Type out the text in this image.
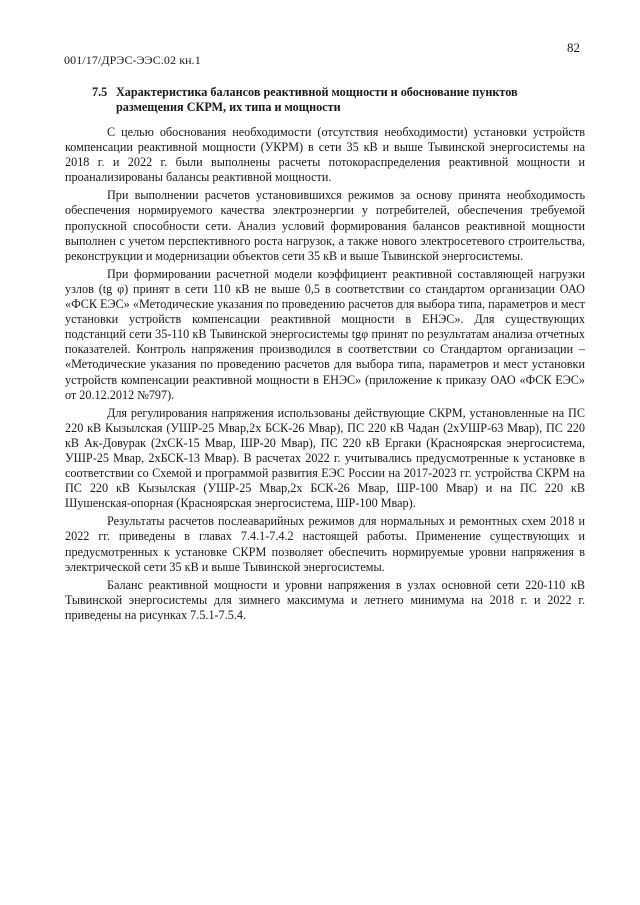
82
001/17/ДРЭС-ЭЭС.02 кн.1
7.5 Характеристика балансов реактивной мощности и обоснование пунктов размещения СКРМ, их типа и мощности

С целью обоснования необходимости (отсутствия необходимости) установки устройств компенсации реактивной мощности (УКРМ) в сети 35 кВ и выше Тывинской энергосистемы на 2018 г. и 2022 г. были выполнены расчеты потокораспределения реактивной мощности и проанализированы балансы реактивной мощности.

При выполнении расчетов установившихся режимов за основу принята необходимость обеспечения нормируемого качества электроэнергии у потребителей, обеспечения требуемой пропускной способности сети. Анализ условий формирования балансов реактивной мощности выполнен с учетом перспективного роста нагрузок, а также нового электросетевого строительства, реконструкции и модернизации объектов сети 35 кВ и выше Тывинской энергосистемы.

При формировании расчетной модели коэффициент реактивной составляющей нагрузки узлов (tg φ) принят в сети 110 кВ не выше 0,5 в соответствии со стандартом организации ОАО «ФСК ЕЭС» «Методические указания по проведению расчетов для выбора типа, параметров и мест установки устройств компенсации реактивной мощности в ЕНЭС». Для существующих подстанций сети 35-110 кВ Тывинской энергосистемы tgφ принят по результатам анализа отчетных показателей. Контроль напряжения производился в соответствии со Стандартом организации – «Методические указания по проведению расчетов для выбора типа, параметров и мест установки устройств компенсации реактивной мощности в ЕНЭС» (приложение к приказу ОАО «ФСК ЕЭС» от 20.12.2012 №797).

Для регулирования напряжения использованы действующие СКРМ, установленные на ПС 220 кВ Кызылская (УШР-25 Мвар,2х БСК-26 Мвар), ПС 220 кВ Чадан (2хУШР-63 Мвар), ПС 220 кВ Ак-Довурак (2хСК-15 Мвар, ШР-20 Мвар), ПС 220 кВ Ергаки (Красноярская энергосистема, УШР-25 Мвар, 2хБСК-13 Мвар). В расчетах 2022 г. учитывались предусмотренные к установке в соответствии со Схемой и программой развития ЕЭС России на 2017-2023 гг. устройства СКРМ на ПС 220 кВ Кызылская (УШР-25 Мвар,2х БСК-26 Мвар, ШР-100 Мвар) и на ПС 220 кВ Шушенская-опорная (Красноярская энергосистема, ШР-100 Мвар).

Результаты расчетов послеаварийных режимов для нормальных и ремонтных схем 2018 и 2022 гг. приведены в главах 7.4.1-7.4.2 настоящей работы. Применение существующих и предусмотренных к установке СКРМ позволяет обеспечить нормируемые уровни напряжения в электрической сети 35 кВ и выше Тывинской энергосистемы.

Баланс реактивной мощности и уровни напряжения в узлах основной сети 220-110 кВ Тывинской энергосистемы для зимнего максимума и летнего минимума на 2018 г. и 2022 г. приведены на рисунках 7.5.1-7.5.4.
